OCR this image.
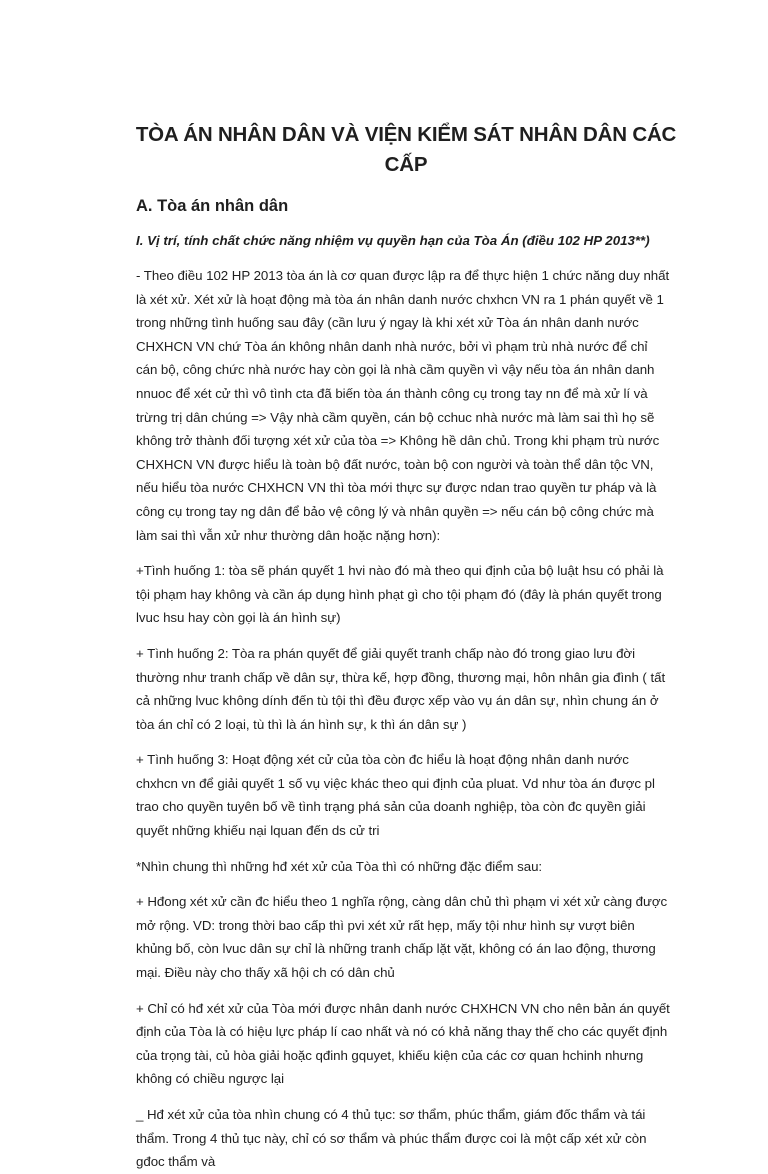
TÒA ÁN NHÂN DÂN VÀ VIỆN KIỂM SÁT NHÂN DÂN CÁC CẤP
A. Tòa án nhân dân

I. Vị trí, tính chất chức năng nhiệm vụ quyền hạn của Tòa Án (điều 102 HP 2013**)

- Theo điều 102 HP 2013 tòa án là cơ quan được lập ra để thực hiện 1 chức năng duy nhất là xét xử. Xét xử là hoạt động mà tòa án nhân danh nước chxhcn VN ra 1 phán quyết về 1 trong những tình huống sau đây (cần lưu ý ngay là khi xét xử Tòa án nhân danh nước CHXHCN VN chứ Tòa án không nhân danh nhà nước, bởi vì phạm trù nhà nước để chỉ cán bộ, công chức nhà nước hay còn gọi là nhà cầm quyền vì vậy nếu tòa án nhân danh nnuoc để xét cử thì vô tình cta đã biến tòa án thành công cụ trong tay nn để mà xử lí và trừng trị dân chúng => Vậy nhà cầm quyền, cán bộ cchuc nhà nước mà làm sai thì họ sẽ không trở thành đối tượng xét xử của tòa => Không hề dân chủ. Trong khi phạm trù nước CHXHCN VN được hiểu là toàn bộ đất nước, toàn bộ con người và toàn thể dân tộc VN, nếu hiểu tòa nước CHXHCN VN thì tòa mới thực sự được ndan trao quyền tư pháp và là công cụ trong tay ng dân để bảo vệ công lý và nhân quyền => nếu cán bộ công chức mà làm sai thì vẫn xử như thường dân hoặc nặng hơn):

+Tình huống 1: tòa sẽ phán quyết 1 hvi nào đó mà theo qui định của bộ luật hsu có phải là tội phạm hay không và cần áp dụng hình phạt gì cho tội phạm đó (đây là phán quyết trong lvuc hsu hay còn gọi là án hình sự)

+ Tình huống 2: Tòa ra phán quyết để giải quyết tranh chấp nào đó trong giao lưu đời thường như tranh chấp về dân sự, thừa kế, hợp đồng, thương mại, hôn nhân gia đình ( tất cả những lvuc không dính đến tù tội thì đều được xếp vào vụ án dân sự, nhìn chung án ở tòa án chỉ có 2 loại, tù thì là án hình sự, k thì án dân sự )

+ Tình huống 3: Hoạt động xét cử của tòa còn đc hiểu là hoạt động nhân danh nước chxhcn vn để giải quyết 1 số vụ việc khác theo qui định của pluat. Vd như tòa án được pl trao cho quyền tuyên bố về tình trạng phá sản của doanh nghiệp, tòa còn đc quyền giải quyết những khiếu nại lquan đến ds cử tri

*Nhìn chung thì những hđ xét xử của Tòa thì có những đặc điểm sau:

+ Hđong xét xử cần đc hiểu theo 1 nghĩa rộng, càng dân chủ thì phạm vi xét xử càng được mở rộng. VD: trong thời bao cấp thì pvi xét xử rất hẹp, mấy tội như hình sự vượt biên khủng bố, còn lvuc dân sự chỉ là những tranh chấp lặt vặt, không có án lao động, thương mại. Điều này cho thấy xã hội ch có dân chủ

+ Chỉ có hđ xét xử của Tòa mới được nhân danh nước CHXHCN VN cho nên bản án quyết định của Tòa là có hiệu lực pháp lí cao nhất và nó có khả năng thay thế cho các quyết định của trọng tài, củ hòa giải hoặc qđinh gquyet, khiếu kiện của các cơ quan hchinh nhưng không có chiều ngược lại

_ Hđ xét xử của tòa nhìn chung có 4 thủ tục: sơ thẩm, phúc thẩm, giám đốc thẩm và tái thẩm. Trong 4 thủ tục này, chỉ có sơ thẩm và phúc thẩm được coi là một cấp xét xử còn gđoc thẩm và
